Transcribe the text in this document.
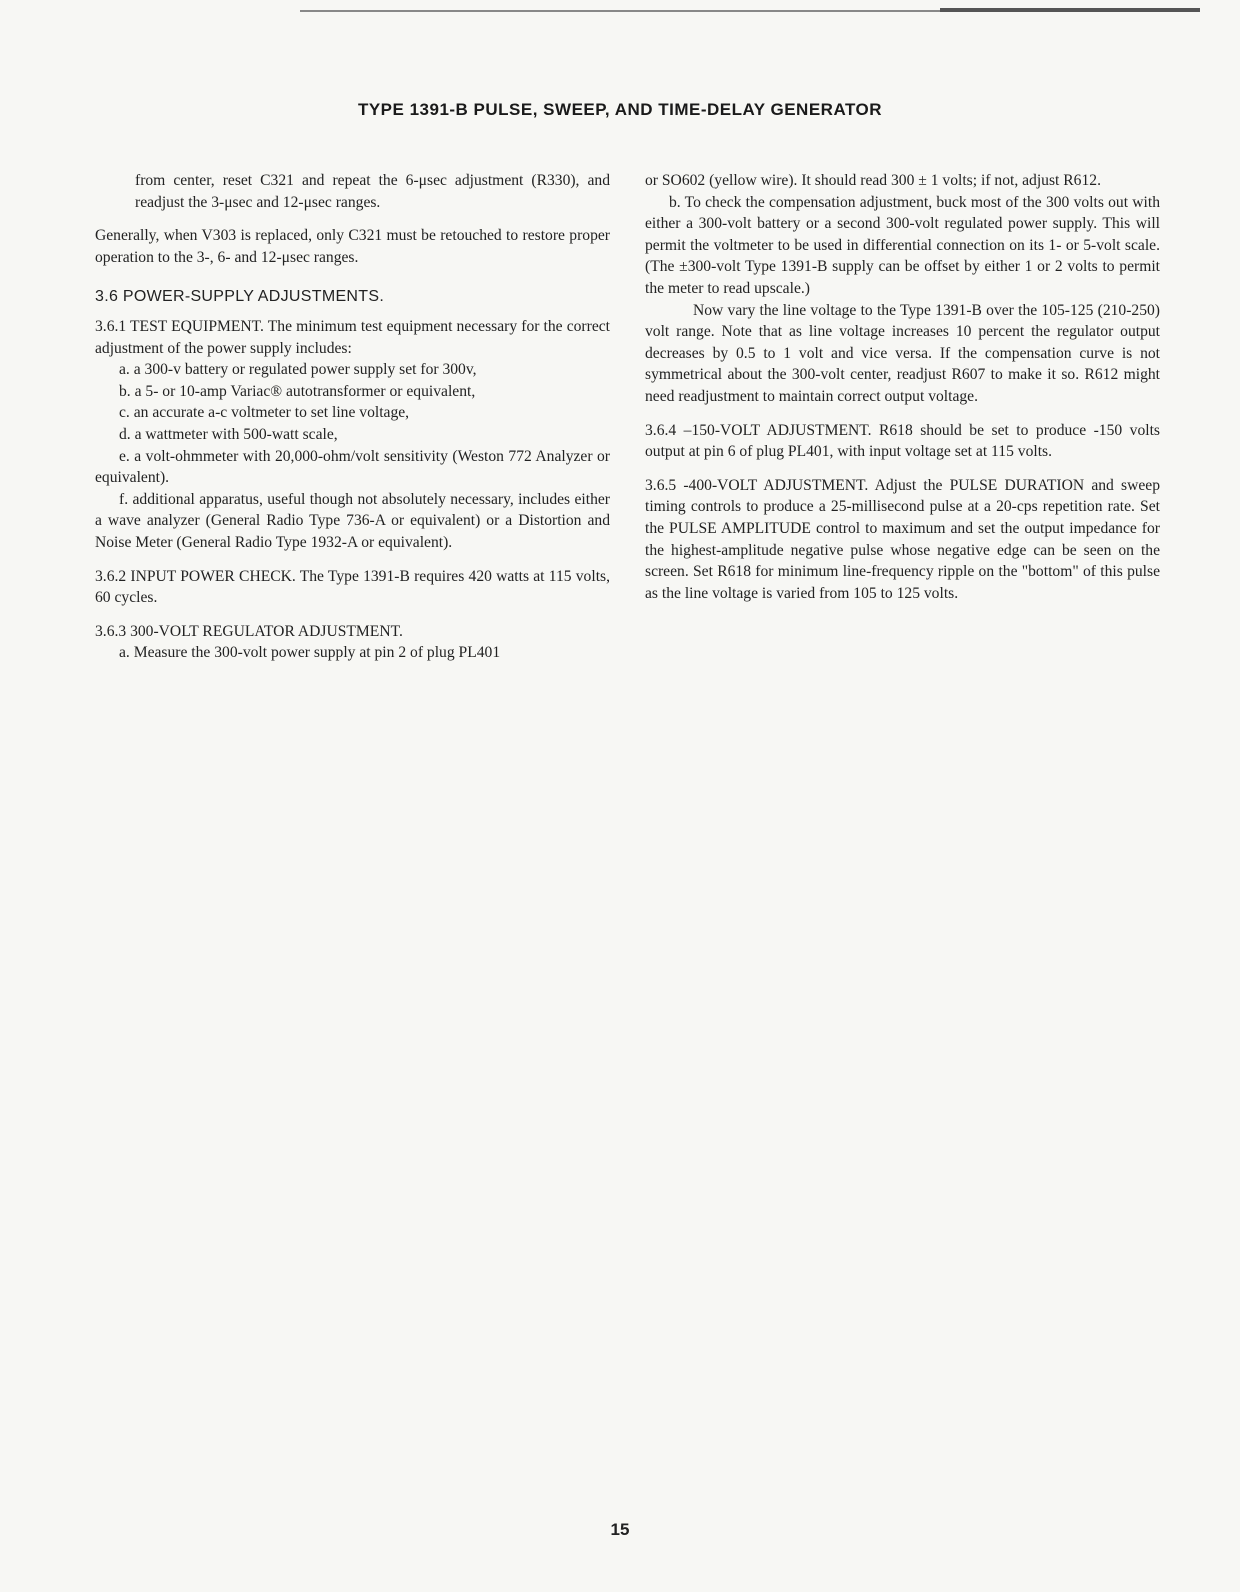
TYPE 1391-B PULSE, SWEEP, AND TIME-DELAY GENERATOR

from center, reset C321 and repeat the 6-μsec adjustment (R330), and readjust the 3-μsec and 12-μsec ranges.

Generally, when V303 is replaced, only C321 must be retouched to restore proper operation to the 3-, 6- and 12-μsec ranges.

3.6 POWER-SUPPLY ADJUSTMENTS.

3.6.1 TEST EQUIPMENT. The minimum test equipment necessary for the correct adjustment of the power supply includes:

a. a 300-v battery or regulated power supply set for 300v,

b. a 5- or 10-amp Variac® autotransformer or equivalent,

c. an accurate a-c voltmeter to set line voltage,

d. a wattmeter with 500-watt scale,

e. a volt-ohmmeter with 20,000-ohm/volt sensitivity (Weston 772 Analyzer or equivalent).

f. additional apparatus, useful though not absolutely necessary, includes either a wave analyzer (General Radio Type 736-A or equivalent) or a Distortion and Noise Meter (General Radio Type 1932-A or equivalent).

3.6.2 INPUT POWER CHECK. The Type 1391-B requires 420 watts at 115 volts, 60 cycles.

3.6.3 300-VOLT REGULATOR ADJUSTMENT.

a. Measure the 300-volt power supply at pin 2 of plug PL401

or SO602 (yellow wire). It should read 300 ± 1 volts; if not, adjust R612.

b. To check the compensation adjustment, buck most of the 300 volts out with either a 300-volt battery or a second 300-volt regulated power supply. This will permit the voltmeter to be used in differential connection on its 1- or 5-volt scale. (The ±300-volt Type 1391-B supply can be offset by either 1 or 2 volts to permit the meter to read upscale.)

Now vary the line voltage to the Type 1391-B over the 105-125 (210-250) volt range. Note that as line voltage increases 10 percent the regulator output decreases by 0.5 to 1 volt and vice versa. If the compensation curve is not symmetrical about the 300-volt center, readjust R607 to make it so. R612 might need readjustment to maintain correct output voltage.

3.6.4 –150-VOLT ADJUSTMENT. R618 should be set to produce -150 volts output at pin 6 of plug PL401, with input voltage set at 115 volts.

3.6.5 -400-VOLT ADJUSTMENT. Adjust the PULSE DURATION and sweep timing controls to produce a 25-millisecond pulse at a 20-cps repetition rate. Set the PULSE AMPLITUDE control to maximum and set the output impedance for the highest-amplitude negative pulse whose negative edge can be seen on the screen. Set R618 for minimum line-frequency ripple on the "bottom" of this pulse as the line voltage is varied from 105 to 125 volts.

15
